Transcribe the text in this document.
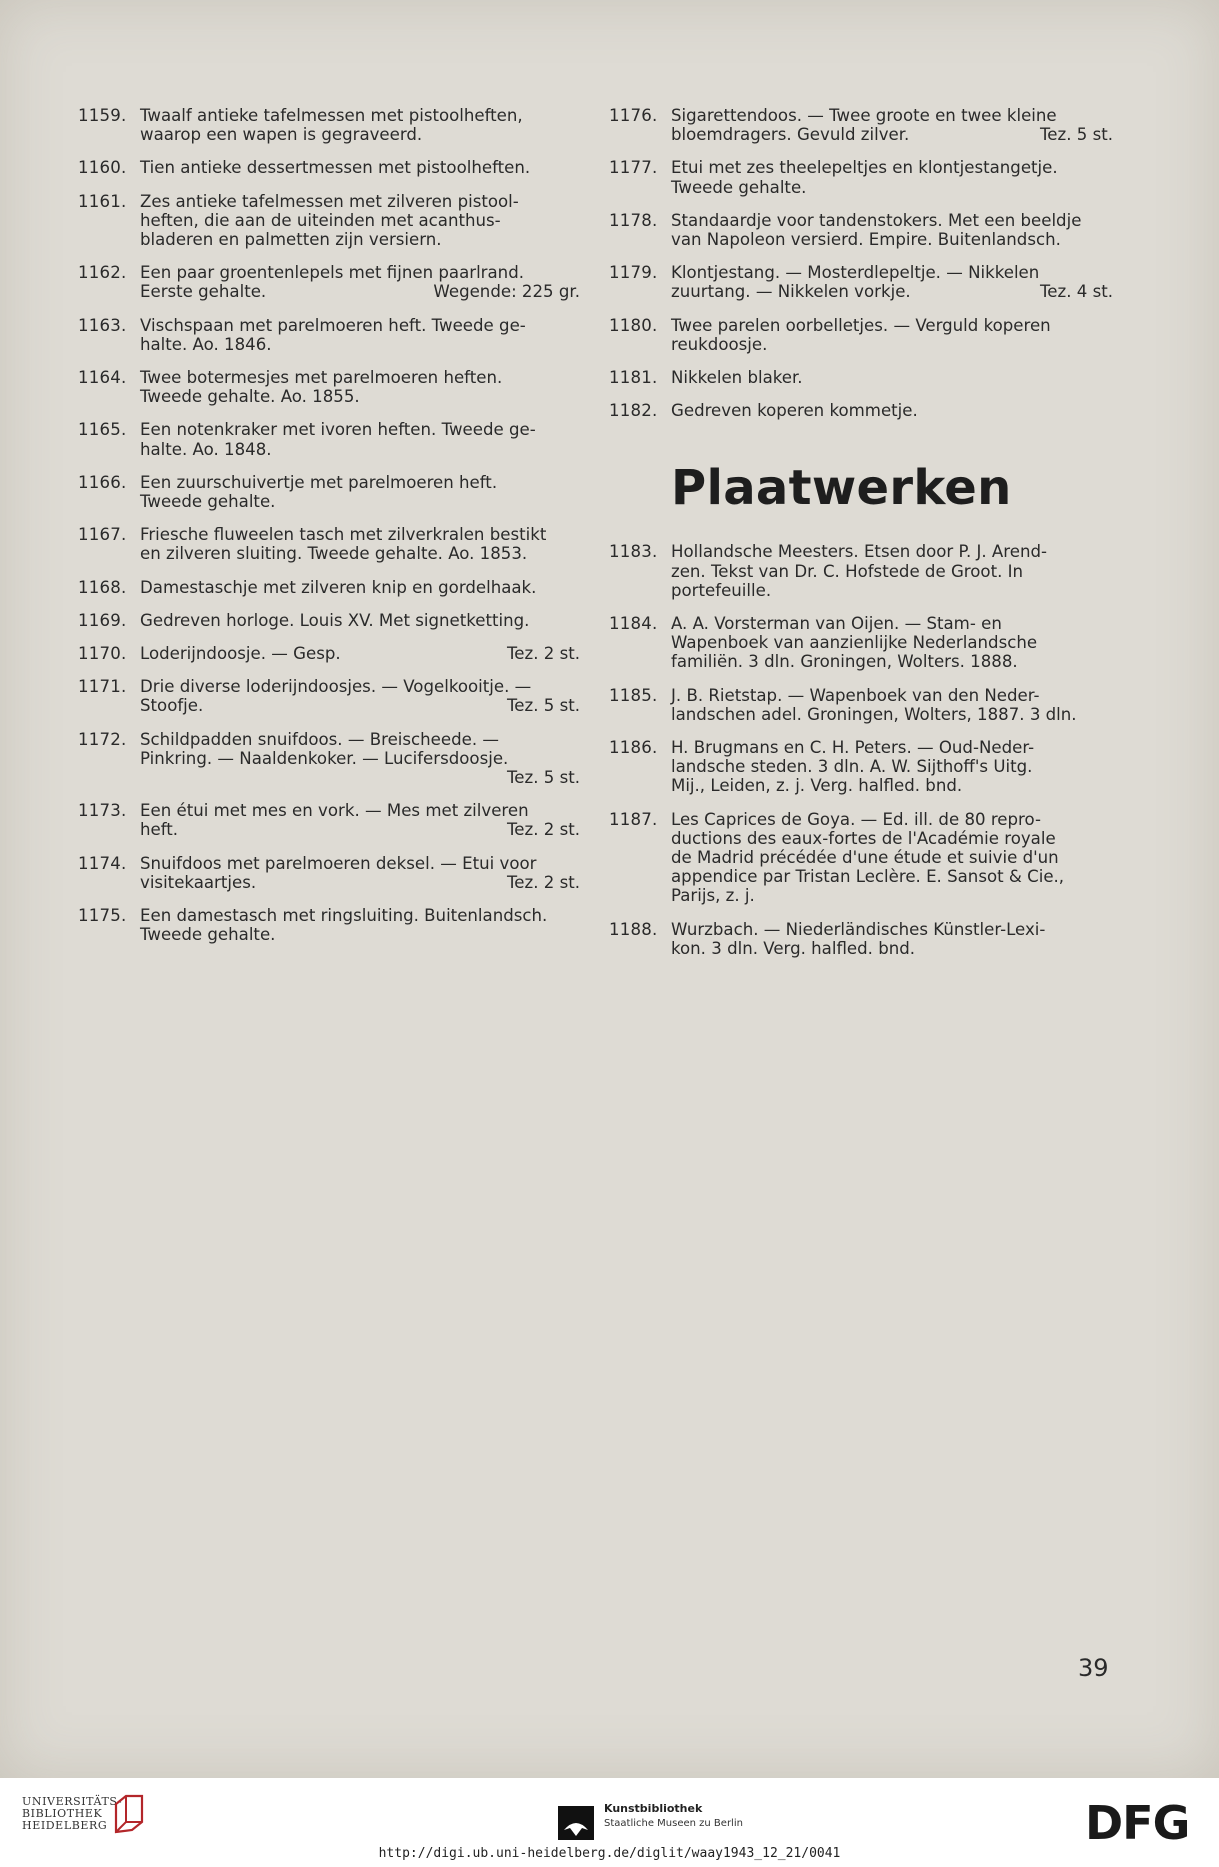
1159. Twaalf antieke tafelmessen met pistoolheften,
waarop een wapen is gegraveerd.
1160. Tien antieke dessertmessen met pistoolheften.
1161. Zes antieke tafelmessen met zilveren pistool-
heften, die aan de uiteinden met acanthus-
bladeren en palmetten zijn versiern.
1162. Een paar groentenlepels met fijnen paarlrand.
Eerste gehalte.	Wegende: 225 gr.
1163. Vischspaan met parelmoeren heft. Tweede ge-
halte. Ao. 1846.
1164. Twee botermesjes met parelmoeren heften.
Tweede gehalte. Ao. 1855.
1165. Een notenkraker met ivoren heften. Tweede ge-
halte. Ao. 1848.
1166. Een zuurschuivertje met parelmoeren heft.
Tweede gehalte.
1167. Friesche fluweelen tasch met zilverkralen bestikt
en zilveren sluiting. Tweede gehalte. Ao. 1853.
1168. Damestaschje met zilveren knip en gordelhaak.
1169. Gedreven horloge. Louis XV. Met signetketting.
1170. Loderijndoosje. — Gesp.	Tez. 2 st.
1171. Drie diverse loderijndoosjes. — Vogelkooitje. —
Stoofje.	Tez. 5 st.
1172. Schildpadden snuifdoos. — Breischeede. —
Pinkring. — Naaldenkoker. — Lucifersdoosje.
Tez. 5 st.
1173. Een étui met mes en vork. — Mes met zilveren
heft.	Tez. 2 st.
1174. Snuifdoos met parelmoeren deksel. — Etui voor
visitekaartjes.	Tez. 2 st.
1175. Een damestasch met ringsluiting. Buitenlandsch.
Tweede gehalte.
1176. Sigarettendoos. — Twee groote en twee kleine
bloemdragers. Gevuld zilver.	Tez. 5 st.
1177. Etui met zes theelepeltjes en klontjestangetje.
Tweede gehalte.
1178. Standaardje voor tandenstokers. Met een beeldje
van Napoleon versierd. Empire. Buitenlandsch.
1179. Klontjestang. — Mosterdlepeltje. — Nikkelen
zuurtang. — Nikkelen vorkje.	Tez. 4 st.
1180. Twee parelen oorbelletjes. — Verguld koperen
reukdoosje.
1181. Nikkelen blaker.
1182. Gedreven koperen kommetje.
Plaatwerken
1183. Hollandsche Meesters. Etsen door P. J. Arend-
zen. Tekst van Dr. C. Hofstede de Groot. In
portefeuille.
1184. A. A. Vorsterman van Oijen. — Stam- en
Wapenboek van aanzienlijke Nederlandsche
familiën. 3 dln. Groningen, Wolters. 1888.
1185. J. B. Rietstap. — Wapenboek van den Neder-
landschen adel. Groningen, Wolters, 1887. 3 dln.
1186. H. Brugmans en C. H. Peters. — Oud-Neder-
landsche steden. 3 dln. A. W. Sijthoff's Uitg.
Mij., Leiden, z. j. Verg. halfled. bnd.
1187. Les Caprices de Goya. — Ed. ill. de 80 repro-
ductions des eaux-fortes de l'Académie royale
de Madrid précédée d'une étude et suivie d'un
appendice par Tristan Leclère. E. Sansot & Cie.,
Parijs, z. j.
1188. Wurzbach. — Niederländisches Künstler-Lexi-
kon. 3 dln. Verg. halfled. bnd.
39
UNIVERSITÄTS-
BIBLIOTHEK
HEIDELBERG
Kunstbibliothek
Staatliche Museen zu Berlin	DFG
http://digi.ub.uni-heidelberg.de/diglit/waay1943_12_21/0041
